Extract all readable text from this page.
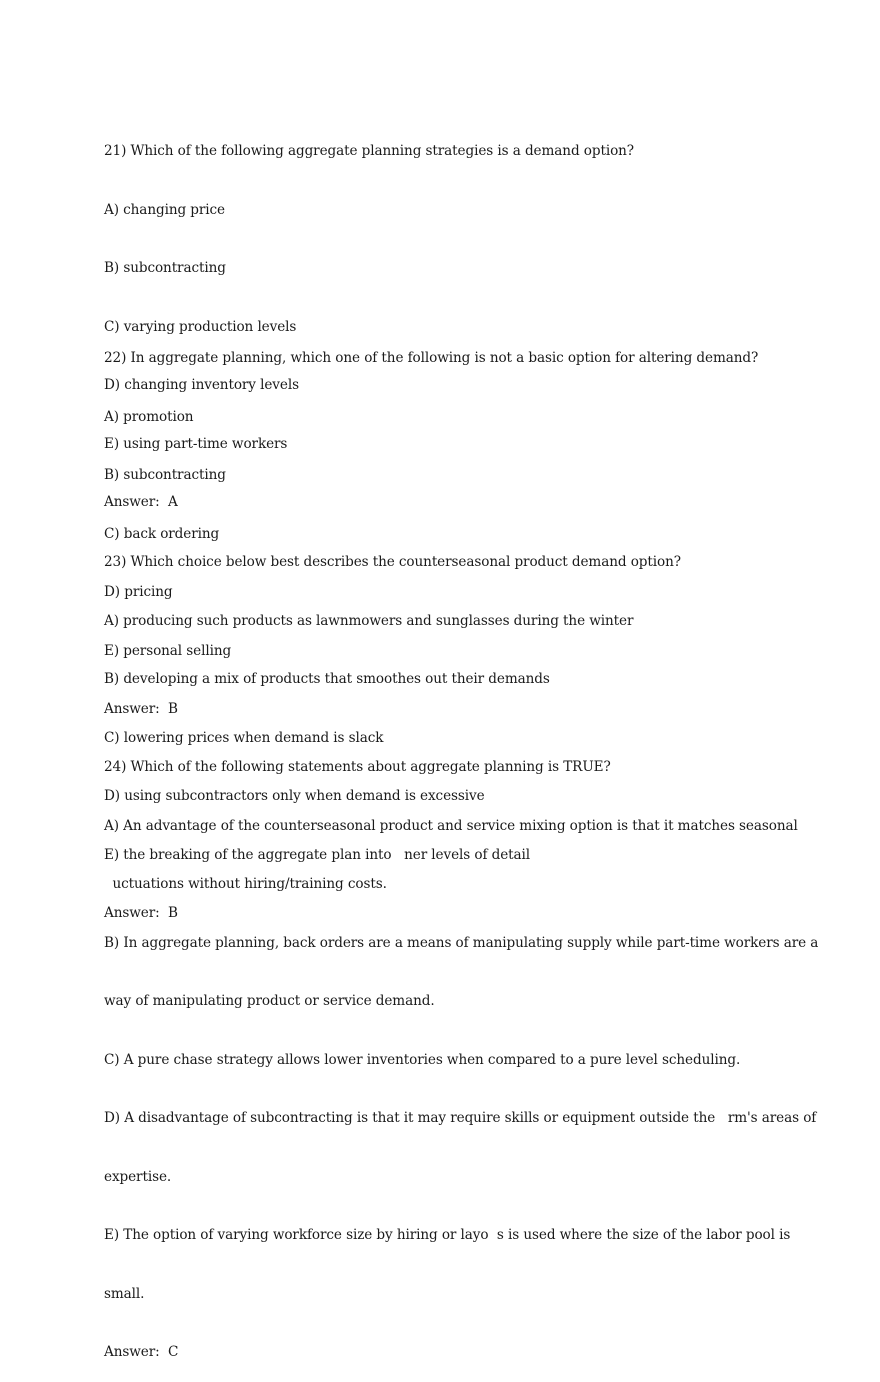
21) Which of the following aggregate planning strategies is a demand option?

A) changing price

B) subcontracting

C) varying production levels

D) changing inventory levels

E) using part-time workers

Answer:  A

22) In aggregate planning, which one of the following is not a basic option for altering demand?

A) promotion

B) subcontracting

C) back ordering

D) pricing

E) personal selling

Answer:  B

23) Which choice below best describes the counterseasonal product demand option?

A) producing such products as lawnmowers and sunglasses during the winter

B) developing a mix of products that smoothes out their demands

C) lowering prices when demand is slack

D) using subcontractors only when demand is excessive

E) the breaking of the aggregate plan into   ner levels of detail

Answer:  B

24) Which of the following statements about aggregate planning is TRUE?

A) An advantage of the counterseasonal product and service mixing option is that it matches seasonal

uctuations without hiring/training costs.

B) In aggregate planning, back orders are a means of manipulating supply while part-time workers are a

way of manipulating product or service demand.

C) A pure chase strategy allows lower inventories when compared to a pure level scheduling.

D) A disadvantage of subcontracting is that it may require skills or equipment outside the   rm's areas of

expertise.

E) The option of varying workforce size by hiring or layo  s is used where the size of the labor pool is

small.

Answer:  C
